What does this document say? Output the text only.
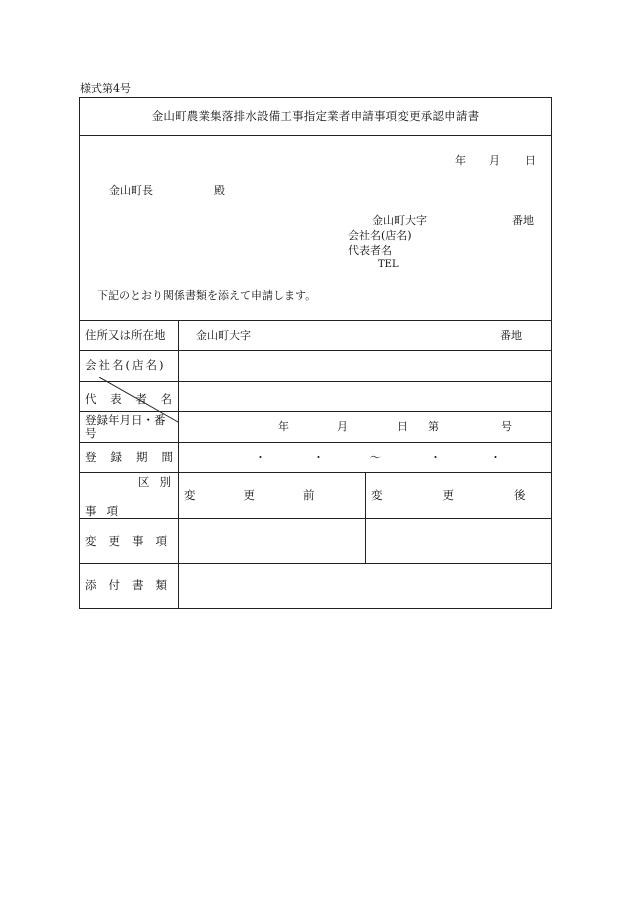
様式第4号
金山町農業集落排水設備工事指定業者申請事項変更承認申請書
年 月 日
金山町長	殿
金山町大字	番地
会社名(店名)
代表者名
TEL
下記のとおり関係書類を添えて申請します。
住所又は所在地	金山町大字	番地
会社名(店名)
代 表 者 名
登録年月日・番
号	年	月	日 第	号
登録期間	・	・	～	・	・
区別
事項
変更前 変更後
変更事項
添付書類
